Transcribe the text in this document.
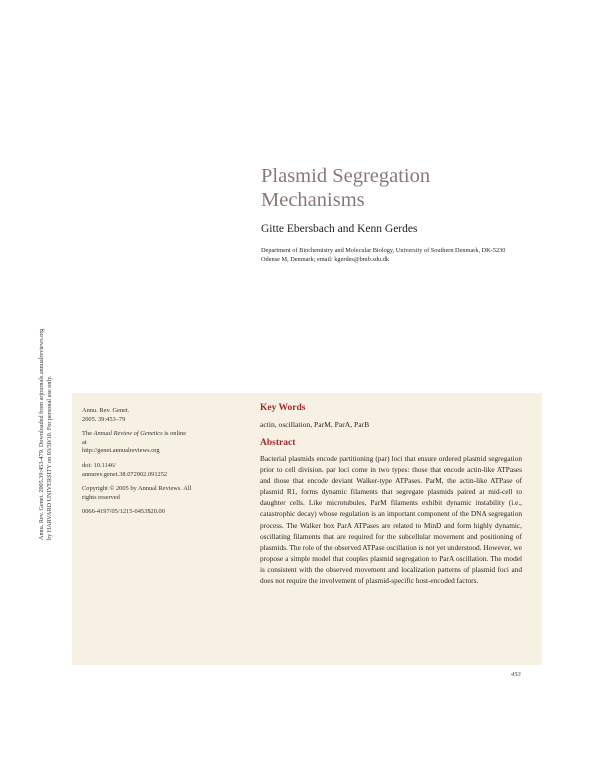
Annu. Rev. Genet. 2005.39:453-479. Downloaded from arjournals.annualreviews.org by HARVARD UNIVERSITY on 03/30/10. For personal use only.
Plasmid Segregation
Mechanisms
Gitte Ebersbach and Kenn Gerdes
Department of Biochemistry and Molecular Biology, University of Southern Denmark, DK-5230 Odense M, Denmark; email: kgerdes@bmb.sdu.dk

Annu. Rev. Genet.
2005. 39:453–79

The Annual Review of Genetics is online at
http://genet.annualreviews.org

doi: 10.1146/
annurev.genet.38.072902.091252

Copyright © 2005 by Annual Reviews. All rights reserved

0066-4197/05/1215-0453$20.00

Key Words

actin, oscillation, ParM, ParA, ParB

Abstract

Bacterial plasmids encode partitioning (par) loci that ensure ordered plasmid segregation prior to cell division. par loci come in two types: those that encode actin-like ATPases and those that encode deviant Walker-type ATPases. ParM, the actin-like ATPase of plasmid R1, forms dynamic filaments that segregate plasmids paired at mid-cell to daughter cells. Like microtubules, ParM filaments exhibit dynamic instability (i.e., catastrophic decay) whose regulation is an important component of the DNA segregation process. The Walker box ParA ATPases are related to MinD and form highly dynamic, oscillating filaments that are required for the subcellular movement and positioning of plasmids. The role of the observed ATPase oscillation is not yet understood. However, we propose a simple model that couples plasmid segregation to ParA oscillation. The model is consistent with the observed movement and localization patterns of plasmid foci and does not require the involvement of plasmid-specific host-encoded factors.

453
